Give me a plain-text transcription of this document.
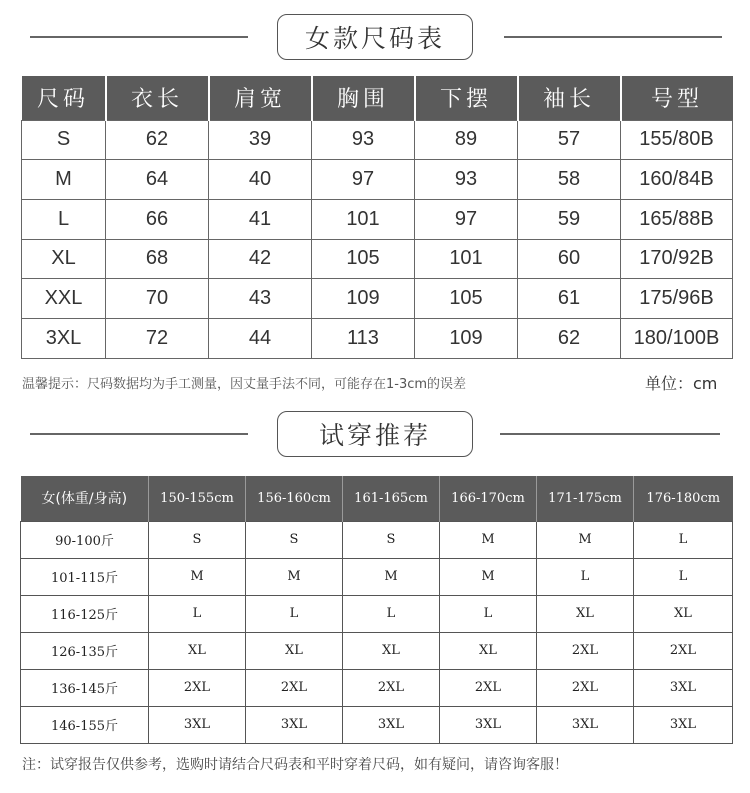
女款尺码表
尺码	衣长	肩宽	胸围	下摆	袖长	号型
S	62	39	93	89	57	155/80B
M	64	40	97	93	58	160/84B
L	66	41	101	97	59	165/88B
XL	68	42	105	101	60	170/92B
XXL	70	43	109	105	61	175/96B
3XL	72	44	113	109	62	180/100B
温馨提示：尺码数据均为手工测量，因丈量手法不同，可能存在1-3cm的误差	单位：cm
试穿推荐
女(体重/身高)	150-155cm	156-160cm	161-165cm	166-170cm	171-175cm	176-180cm
90-100斤	S	S	S	M	M	L
101-115斤	M	M	M	M	L	L
116-125斤	L	L	L	L	XL	XL
126-135斤	XL	XL	XL	XL	2XL	2XL
136-145斤	2XL	2XL	2XL	2XL	2XL	3XL
146-155斤	3XL	3XL	3XL	3XL	3XL	3XL
注：试穿报告仅供参考，选购时请结合尺码表和平时穿着尺码，如有疑问，请咨询客服！
